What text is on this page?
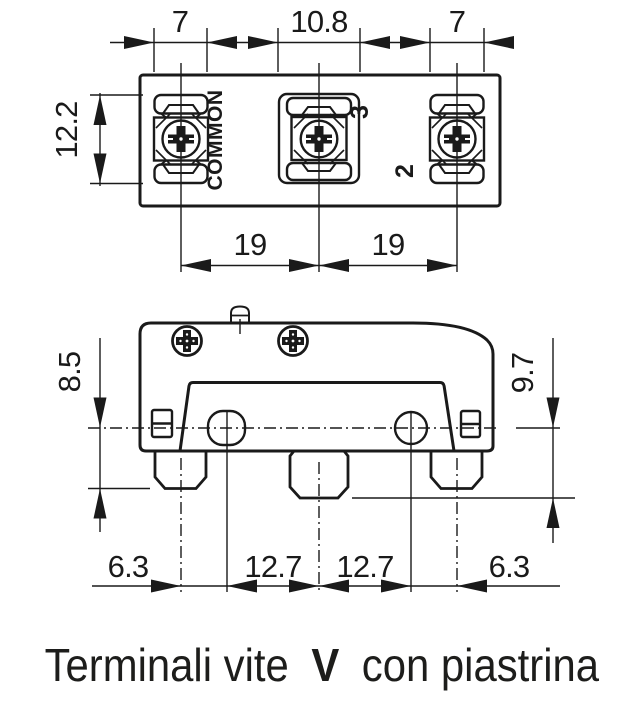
COMMON	3
2
7	10.8	7
12.2
19	19
8.5	9.7
6.3	12.7 12.7	6.3
Terminali vite V con piastrina
